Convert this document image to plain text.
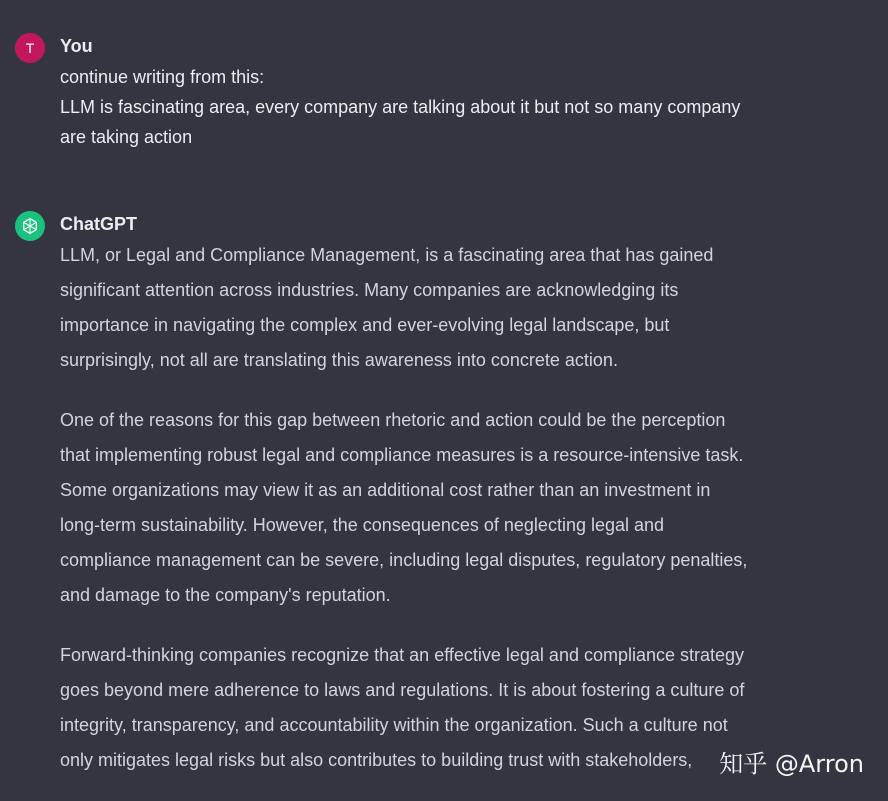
T You
continue writing from this:
LLM is fascinating area, every company are talking about it but not so many company
are taking action
ChatGPT
LLM, or Legal and Compliance Management, is a fascinating area that has gained
significant attention across industries. Many companies are acknowledging its
importance in navigating the complex and ever-evolving legal landscape, but
surprisingly, not all are translating this awareness into concrete action.
One of the reasons for this gap between rhetoric and action could be the perception
that implementing robust legal and compliance measures is a resource-intensive task.
Some organizations may view it as an additional cost rather than an investment in
long-term sustainability. However, the consequences of neglecting legal and
compliance management can be severe, including legal disputes, regulatory penalties,
and damage to the company's reputation.
Forward-thinking companies recognize that an effective legal and compliance strategy
goes beyond mere adherence to laws and regulations. It is about fostering a culture of
integrity, transparency, and accountability within the organization. Such a culture not
only mitigates legal risks but also contributes to building trust with stakeholders,	知乎 @Arron
